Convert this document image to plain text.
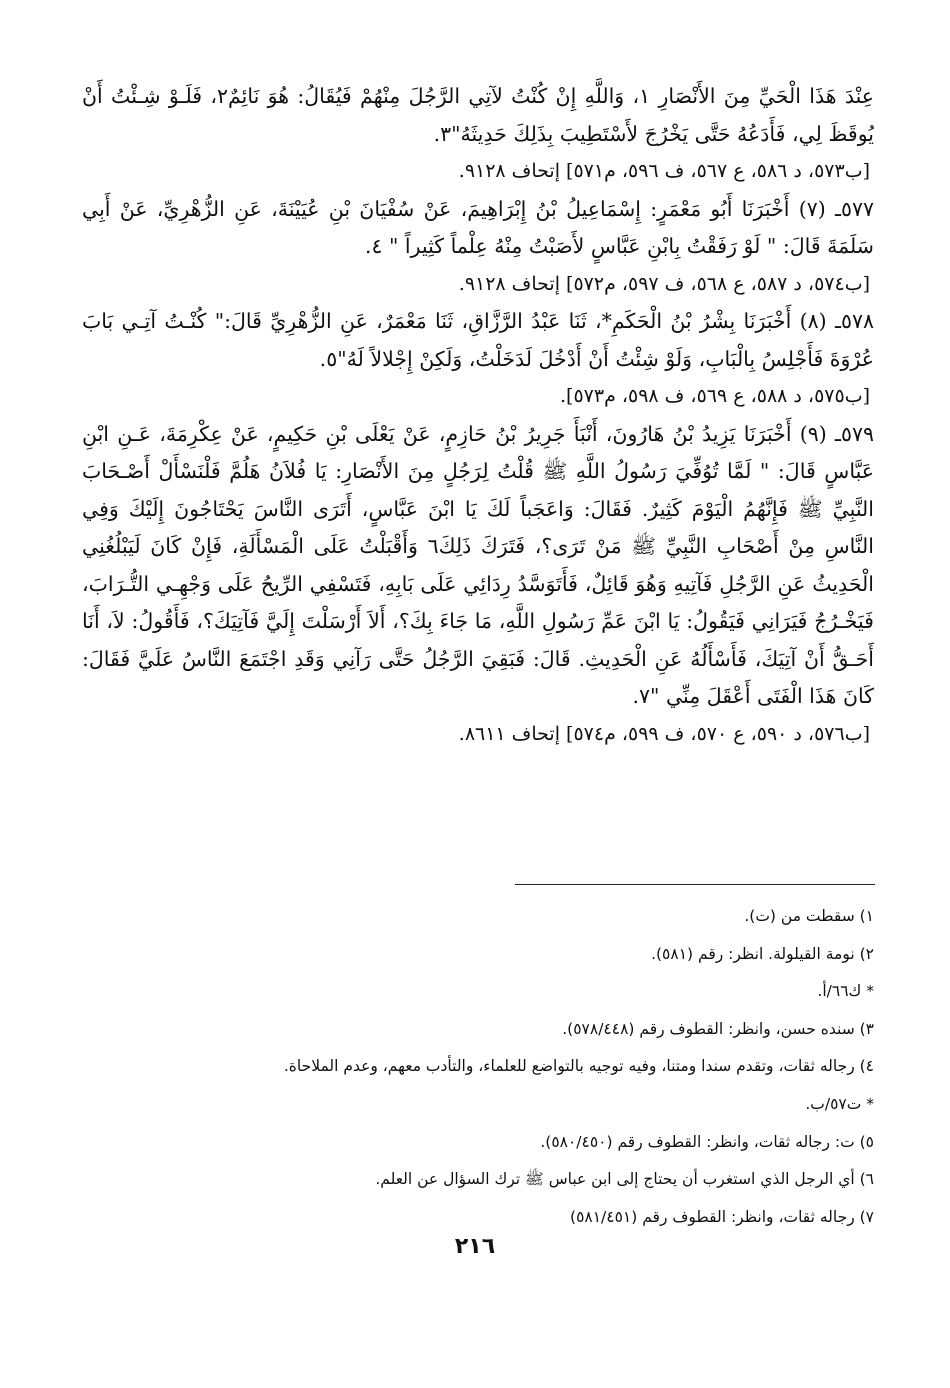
عِنْدَ هَذَا الْحَيِّ مِنَ الأَنْصَارِ ١، وَاللَّهِ إِنْ كُنْتُ لآتِي الرَّجُلَ مِنْهُمْ فَيُقَالُ: هُوَ نَائِمٌ٢، فَلَـوْ شِـئْتُ أَنْ يُوقَظَ لِي، فَأَدَعُهُ حَتَّى يَخْرُجَ لأَسْتَطِيبَ بِذَلِكَ حَدِيثَهُ"٣.

[ب٥٧٣، د ٥٨٦، ع ٥٦٧، ف ٥٩٦، م٥٧١] إتحاف ٩١٢٨.

٥٧٧ـ (٧) أَخْبَرَنَا أَبُو مَعْمَرٍ: إِسْمَاعِيلُ بْنُ إِبْرَاهِيمَ، عَنْ سُفْيَانَ بْنِ عُيَيْنَةَ، عَنِ الزُّهْرِيِّ، عَنْ أَبِي سَلَمَةَ قَالَ: " لَوْ رَفَقْتُ بِابْنِ عَبَّاسٍ لأَصَبْتُ مِنْهُ عِلْماً كَثِيراً " ٤.

[ب٥٧٤، د ٥٨٧، ع ٥٦٨، ف ٥٩٧، م٥٧٢] إتحاف ٩١٢٨.

٥٧٨ـ (٨) أَخْبَرَنَا بِشْرُ بْنُ الْحَكَمِ*، ثَنَا عَبْدُ الرَّزَّاقِ، ثَنَا مَعْمَرٌ، عَنِ الزُّهْرِيِّ قَالَ:" كُنْـتُ آتِـي بَابَ عُرْوَةَ فَأَجْلِسُ بِالْبَابِ، وَلَوْ شِئْتُ أَنْ أَدْخُلَ لَدَخَلْتُ، وَلَكِنْ إِجْلالاً لَهُ"٥.

[ب٥٧٥، د ٥٨٨، ع ٥٦٩، ف ٥٩٨، م٥٧٣].

٥٧٩ـ (٩) أَخْبَرَنَا يَزِيدُ بْنُ هَارُونَ، أَنْبَأَ جَرِيرُ بْنُ حَازِمٍ، عَنْ يَعْلَى بْنِ حَكِيمٍ، عَنْ عِكْرِمَةَ، عَـنِ ابْنِ عَبَّاسٍ قَالَ: " لَمَّا تُوُفِّيَ رَسُولُ اللَّهِ ﷺ قُلْتُ لِرَجُلٍ مِنَ الأَنْصَارِ: يَا فُلاَنُ هَلُمَّ فَلْنَسْأَلْ أَصْـحَابَ النَّبِيِّ ﷺ فَإِنَّهُمُ الْيَوْمَ كَثِيرٌ. فَقَالَ: وَاعَجَباً لَكَ يَا ابْنَ عَبَّاسٍ، أَتَرَى النَّاسَ يَحْتَاجُونَ إِلَيْكَ وَفِي النَّاسِ مِنْ أَصْحَابِ النَّبِيِّ ﷺ مَنْ تَرَى؟، فَتَرَكَ ذَلِكَ٦ وَأَقْبَلْتُ عَلَى الْمَسْأَلَةِ، فَإِنْ كَانَ لَيَبْلُغُنِي الْحَدِيثُ عَنِ الرَّجُلِ فَآتِيهِ وَهُوَ قَائِلٌ، فَأَتَوَسَّدُ رِدَائِي عَلَى بَابِهِ، فَتَسْفِي الرِّيحُ عَلَى وَجْهِـي التُّـرَابَ، فَيَخْـرُجُ فَيَرَانِي فَيَقُولُ: يَا ابْنَ عَمِّ رَسُولِ اللَّهِ، مَا جَاءَ بِكَ؟، أَلاَ أَرْسَلْتَ إِلَيَّ فَآتِيَكَ؟، فَأَقُولُ: لاَ، أَنَا أَحَـقُّ أَنْ آتِيَكَ، فَأَسْأَلُهُ عَنِ الْحَدِيثِ. قَالَ: فَبَقِيَ الرَّجُلُ حَتَّى رَآنِي وَقَدِ اجْتَمَعَ النَّاسُ عَلَيَّ فَقَالَ: كَانَ هَذَا الْفَتَى أَعْقَلَ مِنِّي "٧.

[ب٥٧٦، د ٥٩٠، ع ٥٧٠، ف ٥٩٩، م٥٧٤] إتحاف ٨٦١١.

١) سقطت من (ت).
٢) نومة القيلولة. انظر: رقم (٥٨١).
* ك٦٦/أ.
٣) سنده حسن، وانظر: القطوف رقم (٥٧٨/٤٤٨).
٤) رجاله ثقات، وتقدم سندا ومتنا، وفيه توجيه بالتواضع للعلماء، والتأدب معهم، وعدم الملاحاة.
* ت٥٧/ب.
٥) ت: رجاله ثقات، وانظر: القطوف رقم (٥٨٠/٤٥٠).
٦) أي الرجل الذي استغرب أن يحتاج إلى ابن عباس ﷺ ترك السؤال عن العلم.
٧) رجاله ثقات، وانظر: القطوف رقم (٥٨١/٤٥١)
٢١٦
